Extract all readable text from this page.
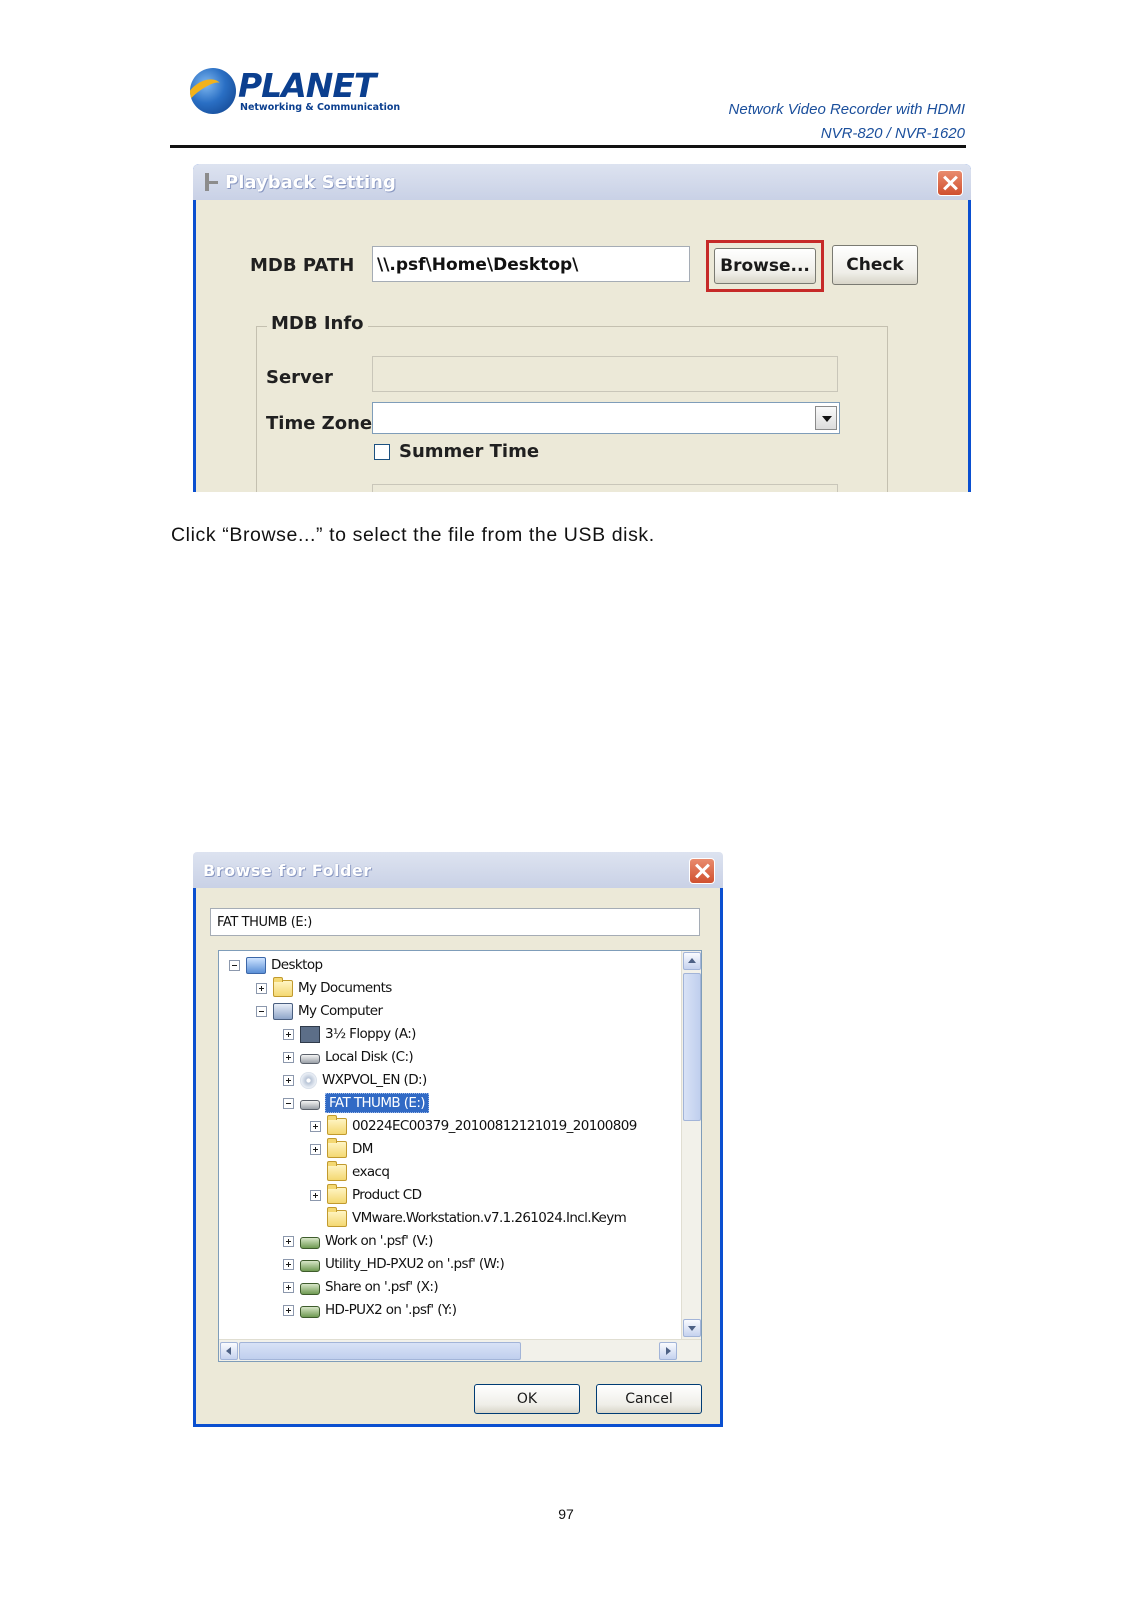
PLANET
Networking & Communication	Network Video Recorder with HDMI
NVR-820 / NVR-1620
Playback Setting
MDB PATH \\.psf\Home\Desktop\	Browse...	Check
MDB Info
Server
Time Zone
Summer Time
Click “Browse...” to select the file from the USB disk.
Browse for Folder
FAT THUMB (E:)
Desktop
My Documents
My Computer
3½ Floppy (A:)
Local Disk (C:)
WXPVOL_EN (D:)
FAT THUMB (E:)
00224EC00379_20100812121019_20100809
DM
exacq
Product CD
VMware.Workstation.v7.1.261024.Incl.Keym
Work on '.psf' (V:)
Utility_HD-PXU2 on '.psf' (W:)
Share on '.psf' (X:)
HD-PUX2 on '.psf' (Y:)
OK	Cancel
97
